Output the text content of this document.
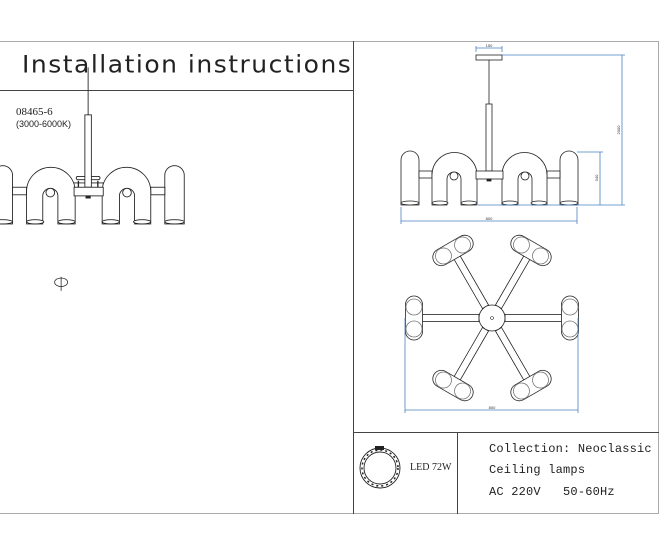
Installation instructions
08465-6
(3000-6000K)
150
2000
340
800
800
LED 72W
Collection: Neoclassic
Ceiling lamps
AC 220V   50-60Hz
